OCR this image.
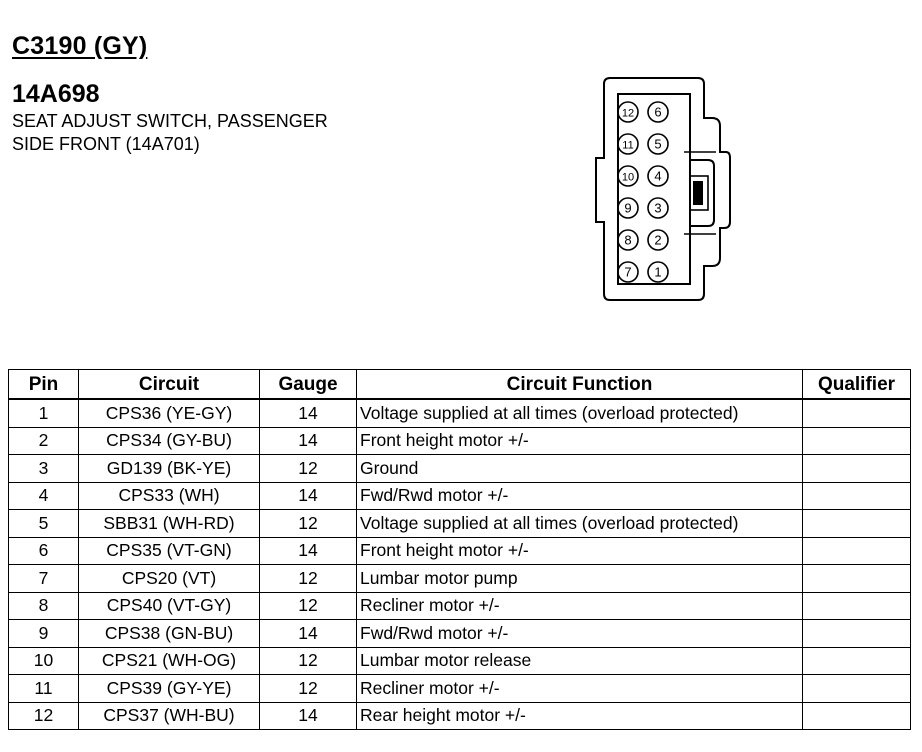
C3190 (GY)
14A698
SEAT ADJUST SWITCH, PASSENGER
SIDE FRONT (14A701)
12
11
10
9
8
7
6
5
4
3
2
1
Pin	Circuit	Gauge	Circuit Function	Qualifier
1	CPS36 (YE-GY)	14	Voltage supplied at all times (overload protected)	
2	CPS34 (GY-BU)	14	Front height motor +/-	
3	GD139 (BK-YE)	12	Ground	
4	CPS33 (WH)	14	Fwd/Rwd motor +/-	
5	SBB31 (WH-RD)	12	Voltage supplied at all times (overload protected)	
6	CPS35 (VT-GN)	14	Front height motor +/-	
7	CPS20 (VT)	12	Lumbar motor pump	
8	CPS40 (VT-GY)	12	Recliner motor +/-	
9	CPS38 (GN-BU)	14	Fwd/Rwd motor +/-	
10	CPS21 (WH-OG)	12	Lumbar motor release	
11	CPS39 (GY-YE)	12	Recliner motor +/-	
12	CPS37 (WH-BU)	14	Rear height motor +/-	
